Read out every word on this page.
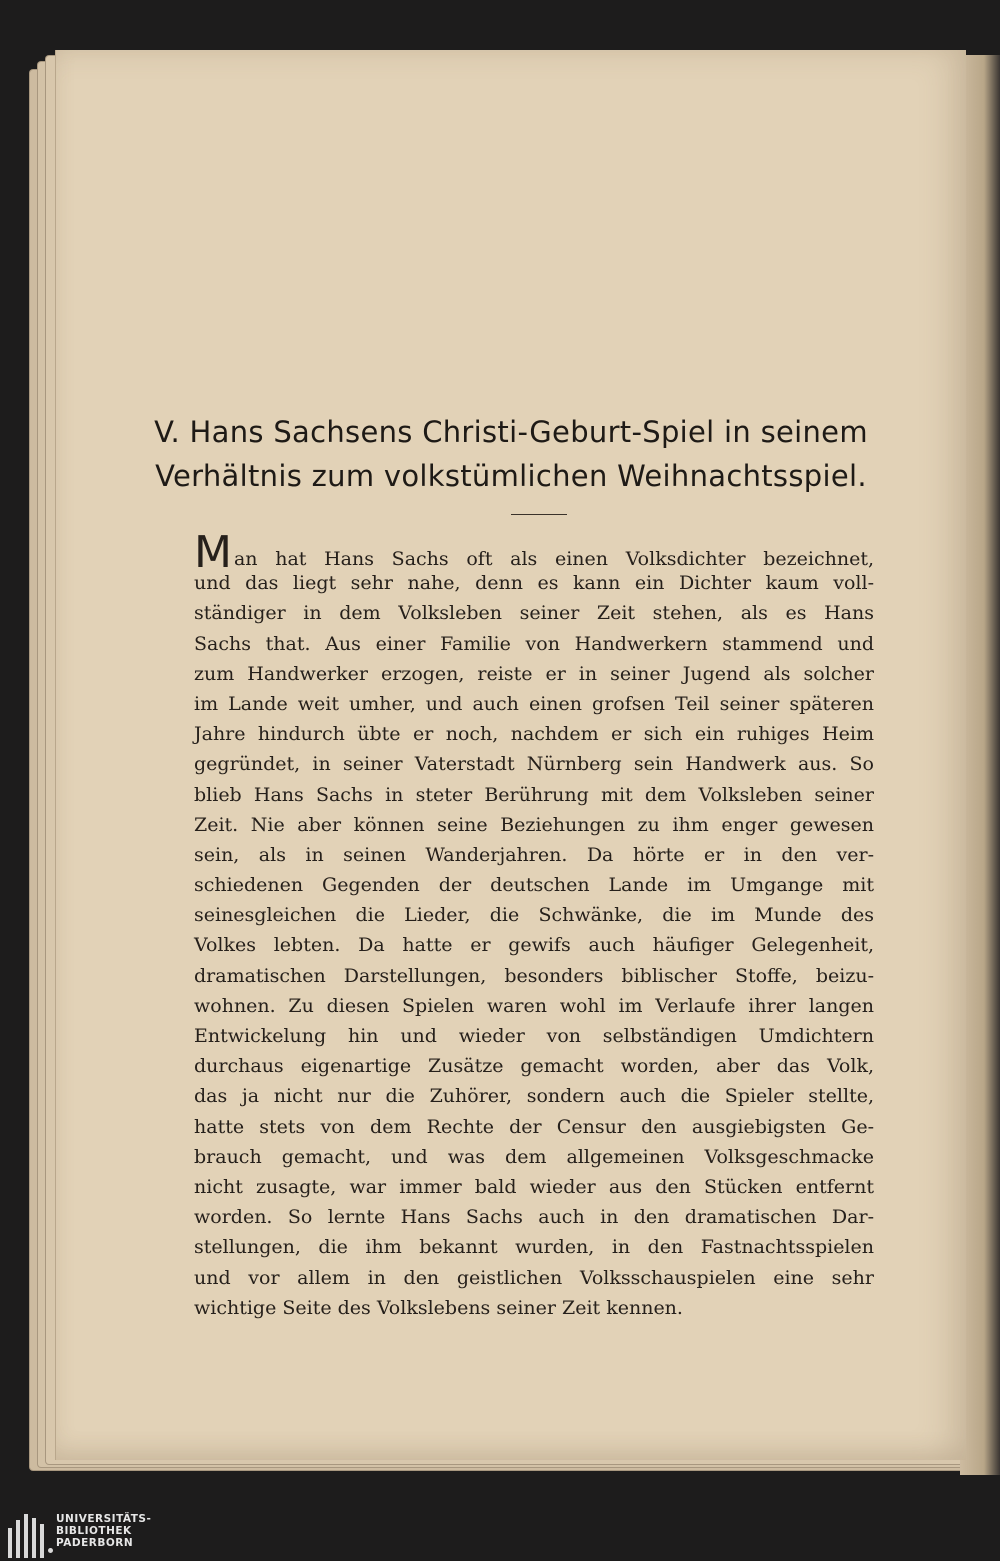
V. Hans Sachsens Christi-Geburt-Spiel in seinem
Verhältnis zum volkstümlichen Weihnachtsspiel.
Man hat Hans Sachs oft als einen Volksdichter bezeichnet,
und das liegt sehr nahe, denn es kann ein Dichter kaum voll-
ständiger in dem Volksleben seiner Zeit stehen, als es Hans
Sachs that. Aus einer Familie von Handwerkern stammend und
zum Handwerker erzogen, reiste er in seiner Jugend als solcher
im Lande weit umher, und auch einen grofsen Teil seiner späteren
Jahre hindurch übte er noch, nachdem er sich ein ruhiges Heim
gegründet, in seiner Vaterstadt Nürnberg sein Handwerk aus. So
blieb Hans Sachs in steter Berührung mit dem Volksleben seiner
Zeit. Nie aber können seine Beziehungen zu ihm enger gewesen
sein, als in seinen Wanderjahren. Da hörte er in den ver-
schiedenen Gegenden der deutschen Lande im Umgange mit
seinesgleichen die Lieder, die Schwänke, die im Munde des
Volkes lebten. Da hatte er gewifs auch häufiger Gelegenheit,
dramatischen Darstellungen, besonders biblischer Stoffe, beizu-
wohnen. Zu diesen Spielen waren wohl im Verlaufe ihrer langen
Entwickelung hin und wieder von selbständigen Umdichtern
durchaus eigenartige Zusätze gemacht worden, aber das Volk,
das ja nicht nur die Zuhörer, sondern auch die Spieler stellte,
hatte stets von dem Rechte der Censur den ausgiebigsten Ge-
brauch gemacht, und was dem allgemeinen Volksgeschmacke
nicht zusagte, war immer bald wieder aus den Stücken entfernt
worden. So lernte Hans Sachs auch in den dramatischen Dar-
stellungen, die ihm bekannt wurden, in den Fastnachtsspielen
und vor allem in den geistlichen Volksschauspielen eine sehr
wichtige Seite des Volkslebens seiner Zeit kennen.
UNIVERSITÄTS-
BIBLIOTHEK
PADERBORN
